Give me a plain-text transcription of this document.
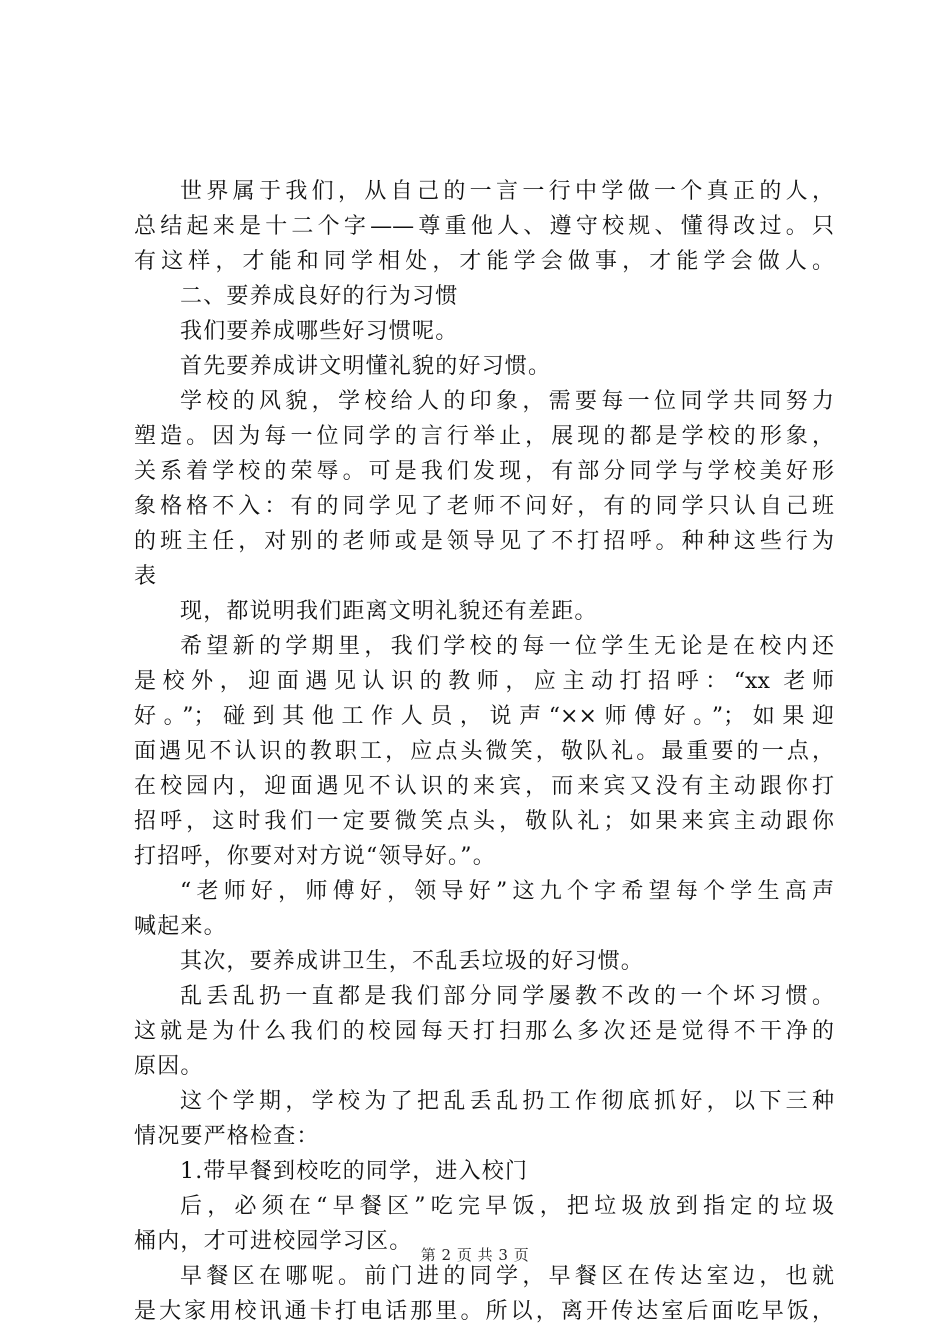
世界属于我们，从自己的一言一行中学做一个真正的人，
总结起来是十二个字——尊重他人、遵守校规、懂得改过。只
有这样，才能和同学相处，才能学会做事，才能学会做人。
二、要养成良好的行为习惯
我们要养成哪些好习惯呢。
首先要养成讲文明懂礼貌的好习惯。
学校的风貌，学校给人的印象，需要每一位同学共同努力
塑造。因为每一位同学的言行举止，展现的都是学校的形象，
关系着学校的荣辱。可是我们发现，有部分同学与学校美好形
象格格不入：有的同学见了老师不问好，有的同学只认自己班
的班主任，对别的老师或是领导见了不打招呼。种种这些行为
表
现，都说明我们距离文明礼貌还有差距。
希望新的学期里，我们学校的每一位学生无论是在校内还
是校外，迎面遇见认识的教师，应主动打招呼：“xx 老师
好。”；碰到其他工作人员，说声“××师傅好。”；如果迎
面遇见不认识的教职工，应点头微笑，敬队礼。最重要的一点，
在校园内，迎面遇见不认识的来宾，而来宾又没有主动跟你打
招呼，这时我们一定要微笑点头，敬队礼；如果来宾主动跟你
打招呼，你要对对方说“领导好。”。
“老师好，师傅好，领导好”这九个字希望每个学生高声
喊起来。
其次，要养成讲卫生，不乱丢垃圾的好习惯。
乱丢乱扔一直都是我们部分同学屡教不改的一个坏习惯。
这就是为什么我们的校园每天打扫那么多次还是觉得不干净的
原因。
这个学期，学校为了把乱丢乱扔工作彻底抓好，以下三种
情况要严格检查：
1.带早餐到校吃的同学，进入校门
后，必须在“早餐区”吃完早饭，把垃圾放到指定的垃圾
桶内，才可进校园学习区。
早餐区在哪呢。前门进的同学，早餐区在传达室边，也就
是大家用校讯通卡打电话那里。所以，离开传达室后面吃早饭，
第 2 页 共 3 页
